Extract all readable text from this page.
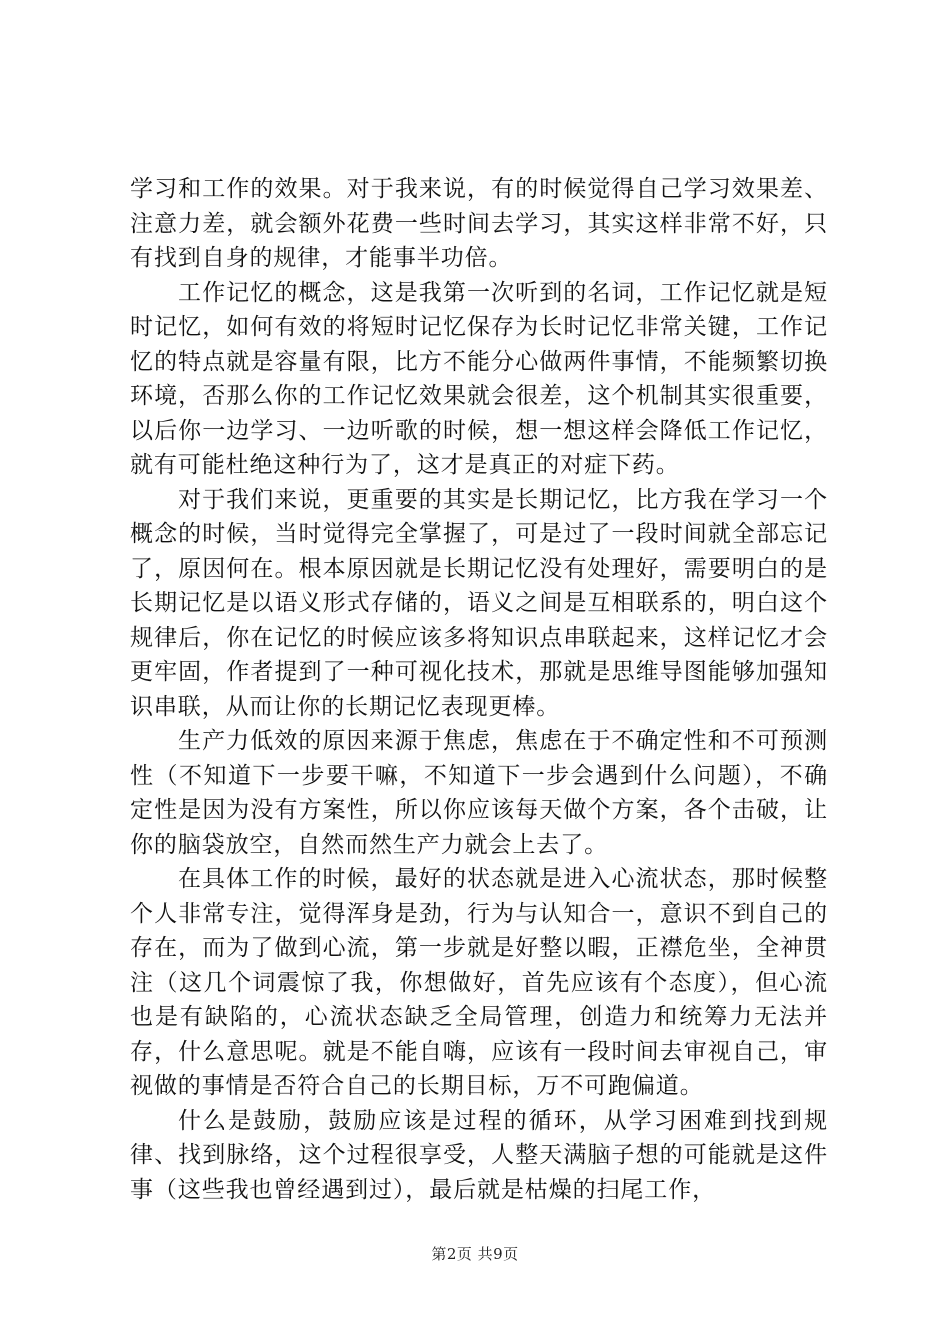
学习和工作的效果。对于我来说，有的时候觉得自己学习效果差、注意力差，就会额外花费一些时间去学习，其实这样非常不好，只有找到自身的规律，才能事半功倍。

工作记忆的概念，这是我第一次听到的名词，工作记忆就是短时记忆，如何有效的将短时记忆保存为长时记忆非常关键，工作记忆的特点就是容量有限，比方不能分心做两件事情，不能频繁切换环境，否那么你的工作记忆效果就会很差，这个机制其实很重要，以后你一边学习、一边听歌的时候，想一想这样会降低工作记忆，就有可能杜绝这种行为了，这才是真正的对症下药。

对于我们来说，更重要的其实是长期记忆，比方我在学习一个概念的时候，当时觉得完全掌握了，可是过了一段时间就全部忘记了，原因何在。根本原因就是长期记忆没有处理好，需要明白的是长期记忆是以语义形式存储的，语义之间是互相联系的，明白这个规律后，你在记忆的时候应该多将知识点串联起来，这样记忆才会更牢固，作者提到了一种可视化技术，那就是思维导图能够加强知识串联，从而让你的长期记忆表现更棒。

生产力低效的原因来源于焦虑，焦虑在于不确定性和不可预测性（不知道下一步要干嘛，不知道下一步会遇到什么问题），不确定性是因为没有方案性，所以你应该每天做个方案，各个击破，让你的脑袋放空，自然而然生产力就会上去了。

在具体工作的时候，最好的状态就是进入心流状态，那时候整个人非常专注，觉得浑身是劲，行为与认知合一，意识不到自己的存在，而为了做到心流，第一步就是好整以暇，正襟危坐，全神贯注（这几个词震惊了我，你想做好，首先应该有个态度），但心流也是有缺陷的，心流状态缺乏全局管理，创造力和统筹力无法并存，什么意思呢。就是不能自嗨，应该有一段时间去审视自己，审视做的事情是否符合自己的长期目标，万不可跑偏道。

什么是鼓励，鼓励应该是过程的循环，从学习困难到找到规律、找到脉络，这个过程很享受，人整天满脑子想的可能就是这件事（这些我也曾经遇到过），最后就是枯燥的扫尾工作，

第2页 共9页
